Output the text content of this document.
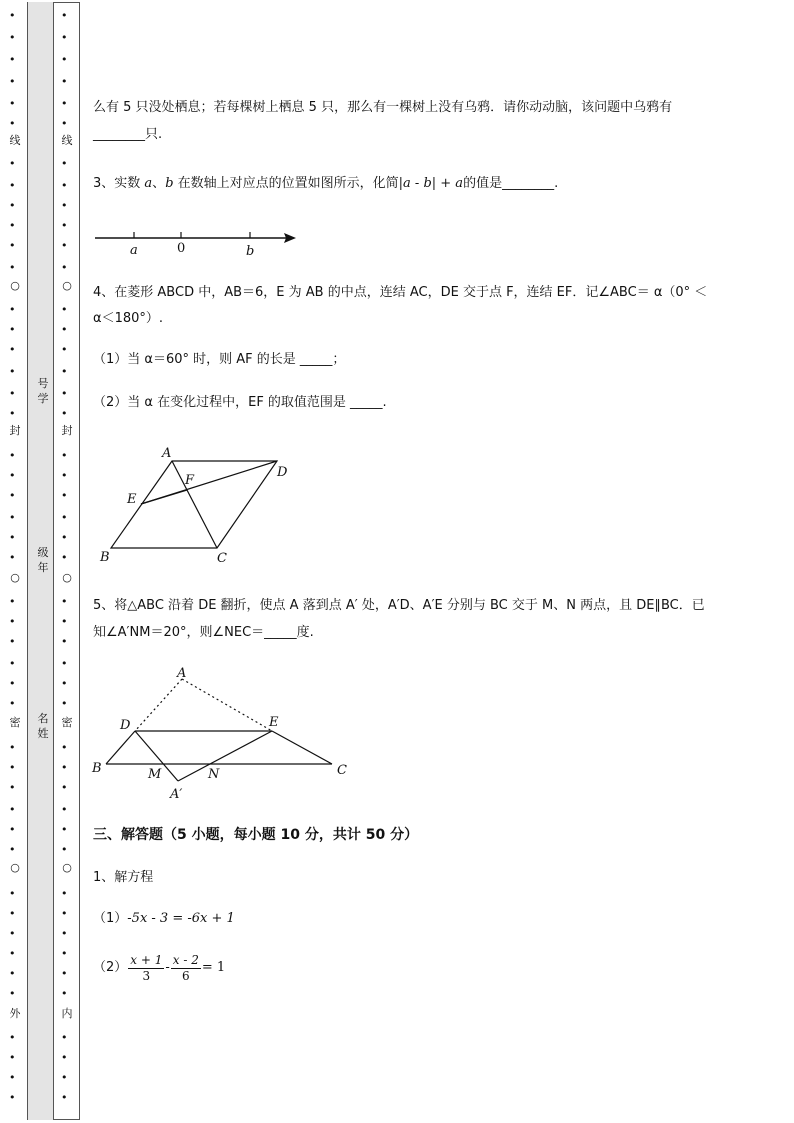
•
•
•
•
•
•
线
•
•
•
•
•
•
○
•
•
•
•
•
•
封
•
•
•
•
•
•
○
•
•
•
•
•
•
密
•
•
•
•
•
•
○
•
•
•
•
•
•
外
•
•
•
•
号学
级年
名姓
•
•
•
•
•
•
线
•
•
•
•
•
•
○
•
•
•
•
•
•
封
•
•
•
•
•
•
○
•
•
•
•
•
•
密
•
•
•
•
•
•
○
•
•
•
•
•
•
内
•
•
•
•
么有 5 只没处栖息；若每棵树上栖息 5 只，那么有一棵树上没有乌鸦．请你动动脑，该问题中乌鸦有
________只.
3、实数 a、b 在数轴上对应点的位置如图所示，化简|a - b| + a的值是________.
a	0	b
4、在菱形 ABCD 中，AB＝6，E 为 AB 的中点，连结 AC，DE 交于点 F，连结 EF．记∠ABC＝ α（0° ＜
α＜180°）.
（1）当 α＝60° 时，则 AF 的长是 _____；
（2）当 α 在变化过程中，EF 的取值范围是 _____.
A
D
F
E
B	C
5、将△ABC 沿着 DE 翻折，使点 A 落到点 A′ 处，A′D、A′E 分别与 BC 交于 M、N 两点，且 DE∥BC．已
知∠A′NM＝20°，则∠NEC＝_____度.
A
D	E
B	C
M	N
A′
三、解答题（5 小题，每小题 10 分，共计 50 分）
1、解方程
（1）-5x - 3 = -6x + 1
$(2) \frac{x + 1}{3} - \frac{x - 2}{6} = 1$
